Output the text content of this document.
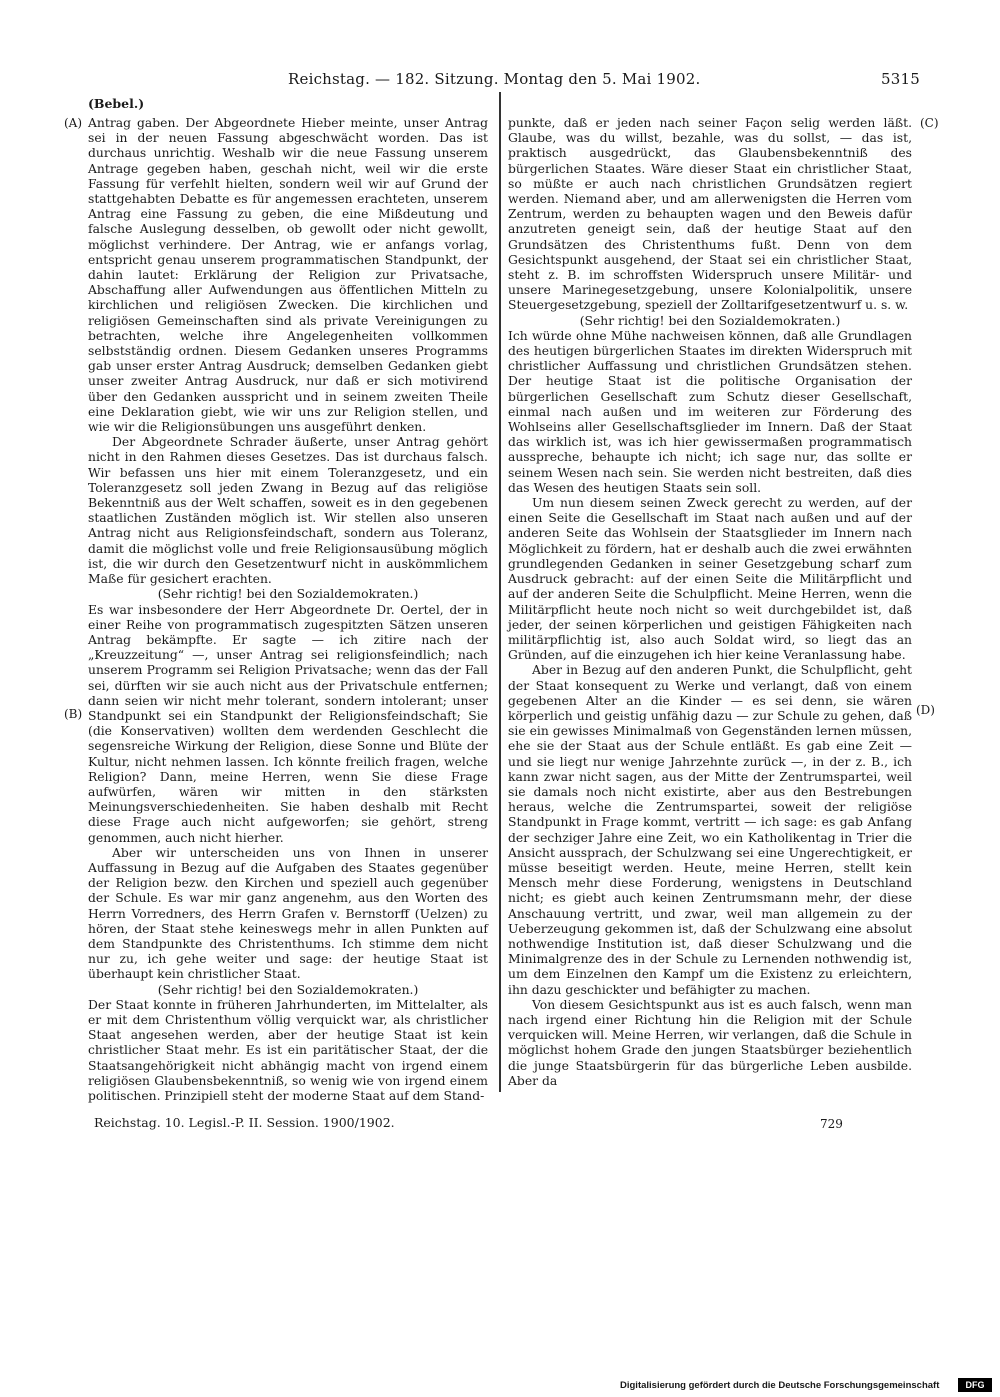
Reichstag. — 182. Sitzung. Montag den 5. Mai 1902.	5315
(Bebel.)
(A)
(B)
(C)
(D)

Antrag gaben. Der Abgeordnete Hieber meinte, unser Antrag sei in der neuen Fassung abgeschwächt worden. Das ist durchaus unrichtig. Weshalb wir die neue Fassung unserem Antrage gegeben haben, geschah nicht, weil wir die erste Fassung für verfehlt hielten, sondern weil wir auf Grund der stattgehabten Debatte es für angemessen erachteten, unserem Antrag eine Fassung zu geben, die eine Mißdeutung und falsche Auslegung desselben, ob gewollt oder nicht gewollt, möglichst verhindere. Der Antrag, wie er anfangs vorlag, entspricht genau unserem programmatischen Standpunkt, der dahin lautet: Erklärung der Religion zur Privatsache, Abschaffung aller Aufwendungen aus öffentlichen Mitteln zu kirchlichen und religiösen Zwecken. Die kirchlichen und religiösen Gemeinschaften sind als private Vereinigungen zu betrachten, welche ihre Angelegenheiten vollkommen selbstständig ordnen. Diesem Gedanken unseres Programms gab unser erster Antrag Ausdruck; demselben Gedanken giebt unser zweiter Antrag Ausdruck, nur daß er sich motivirend über den Gedanken ausspricht und in seinem zweiten Theile eine Deklaration giebt, wie wir uns zur Religion stellen, und wie wir die Religionsübungen uns ausgeführt denken.

Der Abgeordnete Schrader äußerte, unser Antrag gehört nicht in den Rahmen dieses Gesetzes. Das ist durchaus falsch. Wir befassen uns hier mit einem Toleranzgesetz, und ein Toleranzgesetz soll jeden Zwang in Bezug auf das religiöse Bekenntniß aus der Welt schaffen, soweit es in den gegebenen staatlichen Zuständen möglich ist. Wir stellen also unseren Antrag nicht aus Religionsfeindschaft, sondern aus Toleranz, damit die möglichst volle und freie Religionsausübung möglich ist, die wir durch den Gesetzentwurf nicht in auskömmlichem Maße für gesichert erachten.

(Sehr richtig! bei den Sozialdemokraten.)

Es war insbesondere der Herr Abgeordnete Dr. Oertel, der in einer Reihe von programmatisch zugespitzten Sätzen unseren Antrag bekämpfte. Er sagte — ich zitire nach der „Kreuzzeitung“ —, unser Antrag sei religionsfeindlich; nach unserem Programm sei Religion Privatsache; wenn das der Fall sei, dürften wir sie auch nicht aus der Privatschule entfernen; dann seien wir nicht mehr tolerant, sondern intolerant; unser Standpunkt sei ein Standpunkt der Religionsfeindschaft; Sie (die Konservativen) wollten dem werdenden Geschlecht die segensreiche Wirkung der Religion, diese Sonne und Blüte der Kultur, nicht nehmen lassen. Ich könnte freilich fragen, welche Religion? Dann, meine Herren, wenn Sie diese Frage aufwürfen, wären wir mitten in den stärksten Meinungsverschiedenheiten. Sie haben deshalb mit Recht diese Frage auch nicht aufgeworfen; sie gehört, streng genommen, auch nicht hierher.

Aber wir unterscheiden uns von Ihnen in unserer Auffassung in Bezug auf die Aufgaben des Staates gegenüber der Religion bezw. den Kirchen und speziell auch gegenüber der Schule. Es war mir ganz angenehm, aus den Worten des Herrn Vorredners, des Herrn Grafen v. Bernstorff (Uelzen) zu hören, der Staat stehe keineswegs mehr in allen Punkten auf dem Standpunkte des Christenthums. Ich stimme dem nicht nur zu, ich gehe weiter und sage: der heutige Staat ist überhaupt kein christlicher Staat.

(Sehr richtig! bei den Sozialdemokraten.)

Der Staat konnte in früheren Jahrhunderten, im Mittelalter, als er mit dem Christenthum völlig verquickt war, als christlicher Staat angesehen werden, aber der heutige Staat ist kein christlicher Staat mehr. Es ist ein paritätischer Staat, der die Staatsangehörigkeit nicht abhängig macht von irgend einem religiösen Glaubensbekenntniß, so wenig wie von irgend einem politischen. Prinzipiell steht der moderne Staat auf dem Stand-

punkte, daß er jeden nach seiner Façon selig werden läßt. Glaube, was du willst, bezahle, was du sollst, — das ist, praktisch ausgedrückt, das Glaubensbekenntniß des bürgerlichen Staates. Wäre dieser Staat ein christlicher Staat, so müßte er auch nach christlichen Grundsätzen regiert werden. Niemand aber, und am allerwenigsten die Herren vom Zentrum, werden zu behaupten wagen und den Beweis dafür anzutreten geneigt sein, daß der heutige Staat auf den Grundsätzen des Christenthums fußt. Denn von dem Gesichtspunkt ausgehend, der Staat sei ein christlicher Staat, steht z. B. im schroffsten Widerspruch unsere Militär- und unsere Marinegesetzgebung, unsere Kolonialpolitik, unsere Steuergesetzgebung, speziell der Zolltarifgesetzentwurf u. s. w.

(Sehr richtig! bei den Sozialdemokraten.)

Ich würde ohne Mühe nachweisen können, daß alle Grundlagen des heutigen bürgerlichen Staates im direkten Widerspruch mit christlicher Auffassung und christlichen Grundsätzen stehen. Der heutige Staat ist die politische Organisation der bürgerlichen Gesellschaft zum Schutz dieser Gesellschaft, einmal nach außen und im weiteren zur Förderung des Wohlseins aller Gesellschaftsglieder im Innern. Daß der Staat das wirklich ist, was ich hier gewissermaßen programmatisch ausspreche, behaupte ich nicht; ich sage nur, das sollte er seinem Wesen nach sein. Sie werden nicht bestreiten, daß dies das Wesen des heutigen Staats sein soll.

Um nun diesem seinen Zweck gerecht zu werden, auf der einen Seite die Gesellschaft im Staat nach außen und auf der anderen Seite das Wohlsein der Staatsglieder im Innern nach Möglichkeit zu fördern, hat er deshalb auch die zwei erwähnten grundlegenden Gedanken in seiner Gesetzgebung scharf zum Ausdruck gebracht: auf der einen Seite die Militärpflicht und auf der anderen Seite die Schulpflicht. Meine Herren, wenn die Militärpflicht heute noch nicht so weit durchgebildet ist, daß jeder, der seinen körperlichen und geistigen Fähigkeiten nach militärpflichtig ist, also auch Soldat wird, so liegt das an Gründen, auf die einzugehen ich hier keine Veranlassung habe.

Aber in Bezug auf den anderen Punkt, die Schulpflicht, geht der Staat konsequent zu Werke und verlangt, daß von einem gegebenen Alter an die Kinder — es sei denn, sie wären körperlich und geistig unfähig dazu — zur Schule zu gehen, daß sie ein gewisses Minimalmaß von Gegenständen lernen müssen, ehe sie der Staat aus der Schule entläßt. Es gab eine Zeit — und sie liegt nur wenige Jahrzehnte zurück —, in der z. B., ich kann zwar nicht sagen, aus der Mitte der Zentrumspartei, weil sie damals noch nicht existirte, aber aus den Bestrebungen heraus, welche die Zentrumspartei, soweit der religiöse Standpunkt in Frage kommt, vertritt — ich sage: es gab Anfang der sechziger Jahre eine Zeit, wo ein Katholikentag in Trier die Ansicht aussprach, der Schulzwang sei eine Ungerechtigkeit, er müsse beseitigt werden. Heute, meine Herren, stellt kein Mensch mehr diese Forderung, wenigstens in Deutschland nicht; es giebt auch keinen Zentrumsmann mehr, der diese Anschauung vertritt, und zwar, weil man allgemein zu der Ueberzeugung gekommen ist, daß der Schulzwang eine absolut nothwendige Institution ist, daß dieser Schulzwang und die Minimalgrenze des in der Schule zu Lernenden nothwendig ist, um dem Einzelnen den Kampf um die Existenz zu erleichtern, ihn dazu geschickter und befähigter zu machen.

Von diesem Gesichtspunkt aus ist es auch falsch, wenn man nach irgend einer Richtung hin die Religion mit der Schule verquicken will. Meine Herren, wir verlangen, daß die Schule in möglichst hohem Grade den jungen Staatsbürger beziehentlich die junge Staatsbürgerin für das bürgerliche Leben ausbilde. Aber da

Reichstag. 10. Legisl.-P. II. Session. 1900/1902.	729
Digitalisierung gefördert durch die Deutsche Forschungsgemeinschaft	DFG
